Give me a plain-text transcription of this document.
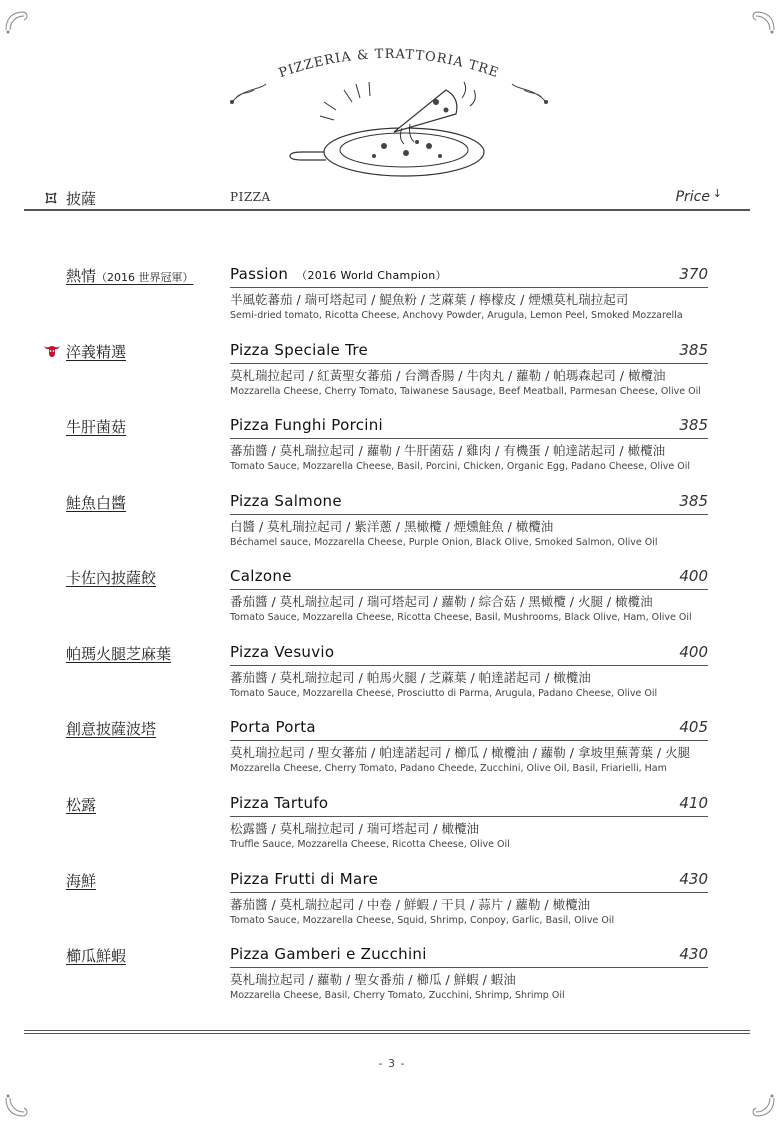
PIZZERIA & TRATTORIA TRE
披薩	PIZZA	Price ↓
熱情（2016 世界冠軍） Passion （2016 World Champion）	370
半風乾蕃茄 / 瑞可塔起司 / 鯷魚粉 / 芝蔴葉 / 檸檬皮 / 煙燻莫札瑞拉起司
Semi-dried tomato, Ricotta Cheese, Anchovy Powder, Arugula, Lemon Peel, Smoked Mozzarella
淬義精選	Pizza Speciale Tre	385
莫札瑞拉起司 / 紅黃聖女蕃茄 / 台灣香腸 / 牛肉丸 / 蘿勒 / 帕瑪森起司 / 橄欖油
Mozzarella Cheese, Cherry Tomato, Taiwanese Sausage, Beef Meatball, Parmesan Cheese, Olive Oil
牛肝菌菇	Pizza Funghi Porcini	385
蕃茄醬 / 莫札瑞拉起司 / 蘿勒 / 牛肝菌菇 / 雞肉 / 有機蛋 / 帕達諾起司 / 橄欖油
Tomato Sauce, Mozzarella Cheese, Basil, Porcini, Chicken, Organic Egg, Padano Cheese, Olive Oil
鮭魚白醬	Pizza Salmone	385
白醬 / 莫札瑞拉起司 / 紫洋蔥 / 黑橄欖 / 煙燻鮭魚 / 橄欖油
Béchamel sauce, Mozzarella Cheese, Purple Onion, Black Olive, Smoked Salmon, Olive Oil
卡佐內披薩餃	Calzone	400
番茄醬 / 莫札瑞拉起司 / 瑞可塔起司 / 蘿勒 / 綜合菇 / 黑橄欖 / 火腿 / 橄欖油
Tomato Sauce, Mozzarella Cheese, Ricotta Cheese, Basil, Mushrooms, Black Olive, Ham, Olive Oil
帕瑪火腿芝麻葉	Pizza Vesuvio	400
蕃茄醬 / 莫札瑞拉起司 / 帕馬火腿 / 芝蔴葉 / 帕達諾起司 / 橄欖油
Tomato Sauce, Mozzarella Cheese, Prosciutto di Parma, Arugula, Padano Cheese, Olive Oil
創意披薩波塔	Porta Porta	405
莫札瑞拉起司 / 聖女蕃茄 / 帕達諾起司 / 櫛瓜 / 橄欖油 / 蘿勒 / 拿坡里蕪菁葉 / 火腿
Mozzarella Cheese, Cherry Tomato, Padano Cheede, Zucchini, Olive Oil, Basil, Friarielli, Ham
松露	Pizza Tartufo	410
松露醬 / 莫札瑞拉起司 / 瑞可塔起司 / 橄欖油
Truffle Sauce, Mozzarella Cheese, Ricotta Cheese, Olive Oil
海鮮	Pizza Frutti di Mare	430
蕃茄醬 / 莫札瑞拉起司 / 中卷 / 鮮蝦 / 干貝 / 蒜片 / 蘿勒 / 橄欖油
Tomato Sauce, Mozzarella Cheese, Squid, Shrimp, Conpoy, Garlic, Basil, Olive Oil
櫛瓜鮮蝦	Pizza Gamberi e Zucchini	430
莫札瑞拉起司 / 蘿勒 / 聖女番茄 / 櫛瓜 / 鮮蝦 / 蝦油
Mozzarella Cheese, Basil, Cherry Tomato, Zucchini, Shrimp, Shrimp Oil
- 3 -
